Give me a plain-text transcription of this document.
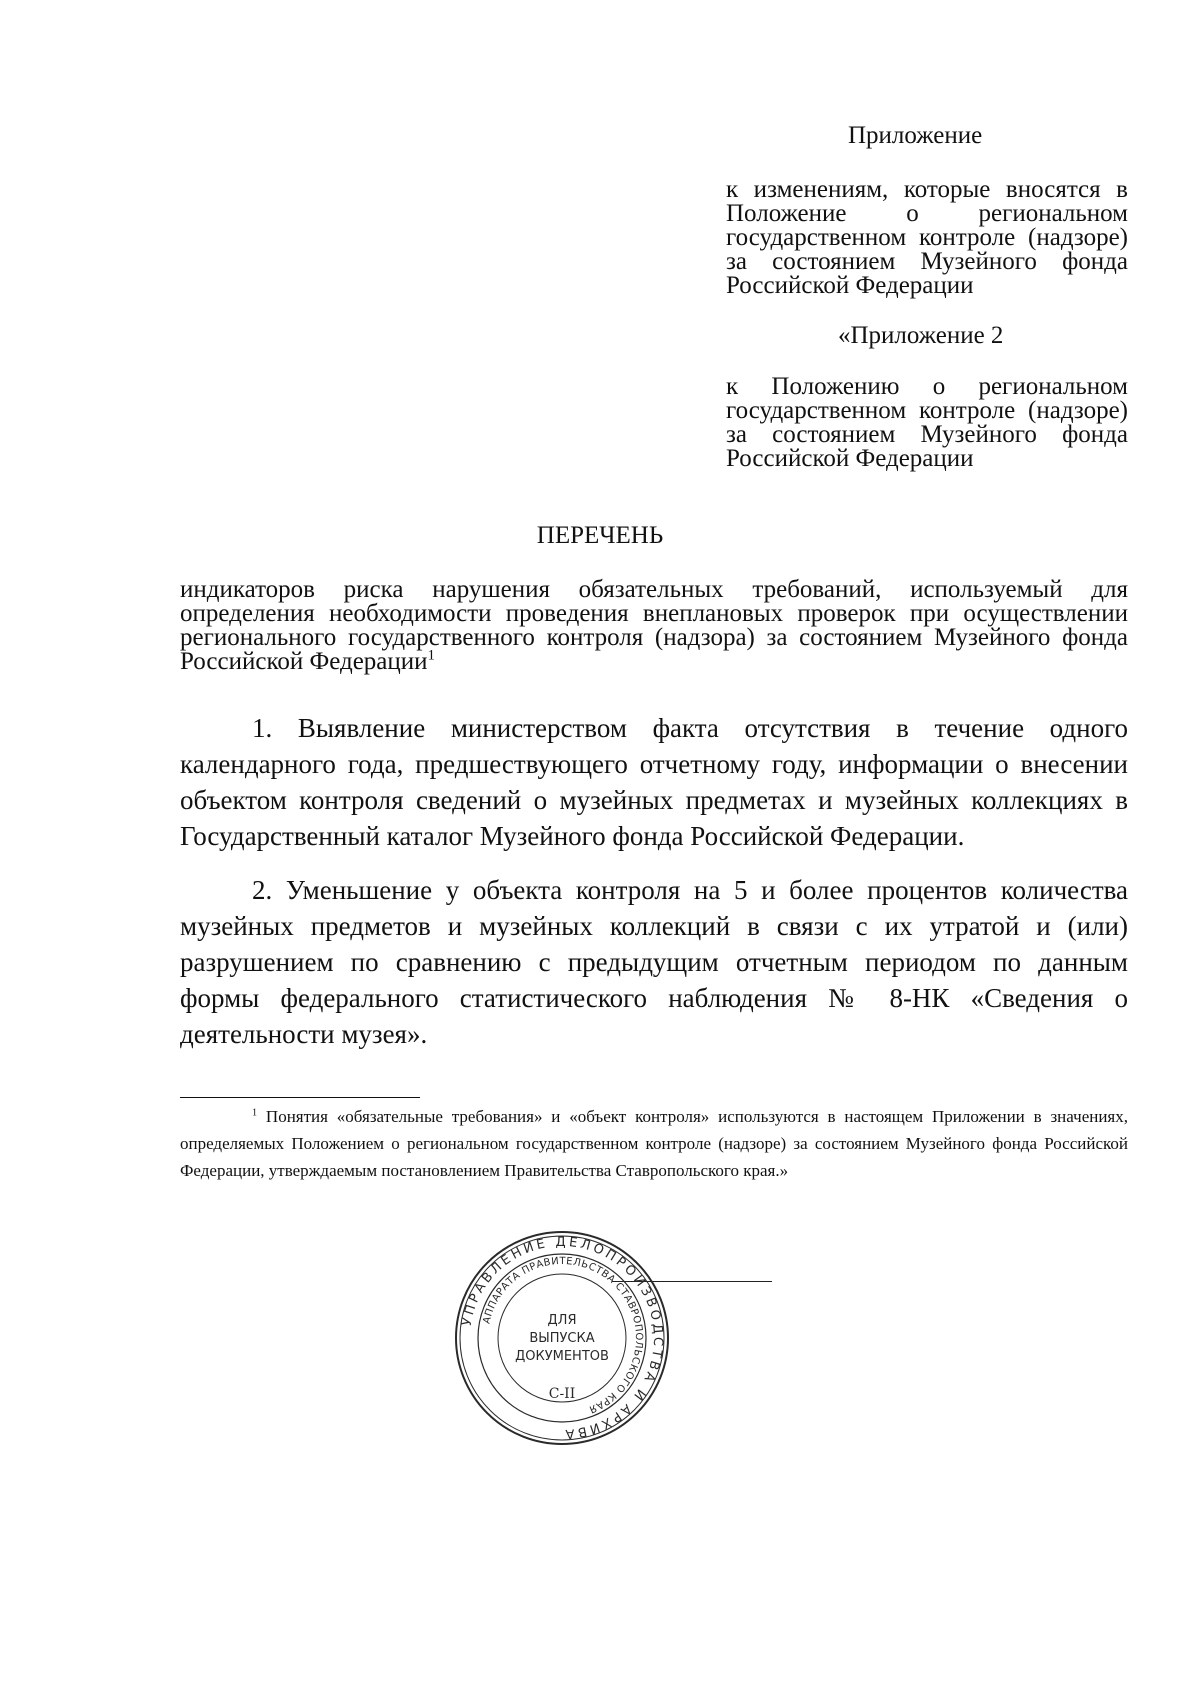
Приложение
к изменениям, которые вносятся в Положение о региональном государственном контроле (надзоре) за состоянием Музейного фонда Российской Федерации
«Приложение 2
к Положению о региональном государственном контроле (надзоре) за состоянием Музейного фонда Российской Федерации
ПЕРЕЧЕНЬ
индикаторов риска нарушения обязательных требований, используемый для определения необходимости проведения внеплановых проверок при осуществлении регионального государственного контроля (надзора) за состоянием Музейного фонда Российской Федерации$^1$

1. Выявление министерством факта отсутствия в течение одного календарного года, предшествующего отчетному году, информации о внесении объектом контроля сведений о музейных предметах и музейных коллекциях в Государственный каталог Музейного фонда Российской Федерации.

2. Уменьшение у объекта контроля на 5 и более процентов количества музейных предметов и музейных коллекций в связи с их утратой и (или) разрушением по сравнению с предыдущим отчетным периодом по данным формы федерального статистического наблюдения № 8-НК «Сведения о деятельности музея».

$^1$ Понятия «обязательные требования» и «объект контроля» используются в настоящем Приложении в значениях, определяемых Положением о региональном государственном контроле (надзоре) за состоянием Музейного фонда Российской Федерации, утверждаемым постановлением Правительства Ставропольского края.»

УПРАВЛЕНИЕ ДЕЛОПРОИЗВОДСТВА И АРХИВА
АППАРАТА ПРАВИТЕЛЬСТВА СТАВРОПОЛЬСКОГО КРАЯ
ДЛЯ
ВЫПУСКА
ДОКУМЕНТОВ
С-II
